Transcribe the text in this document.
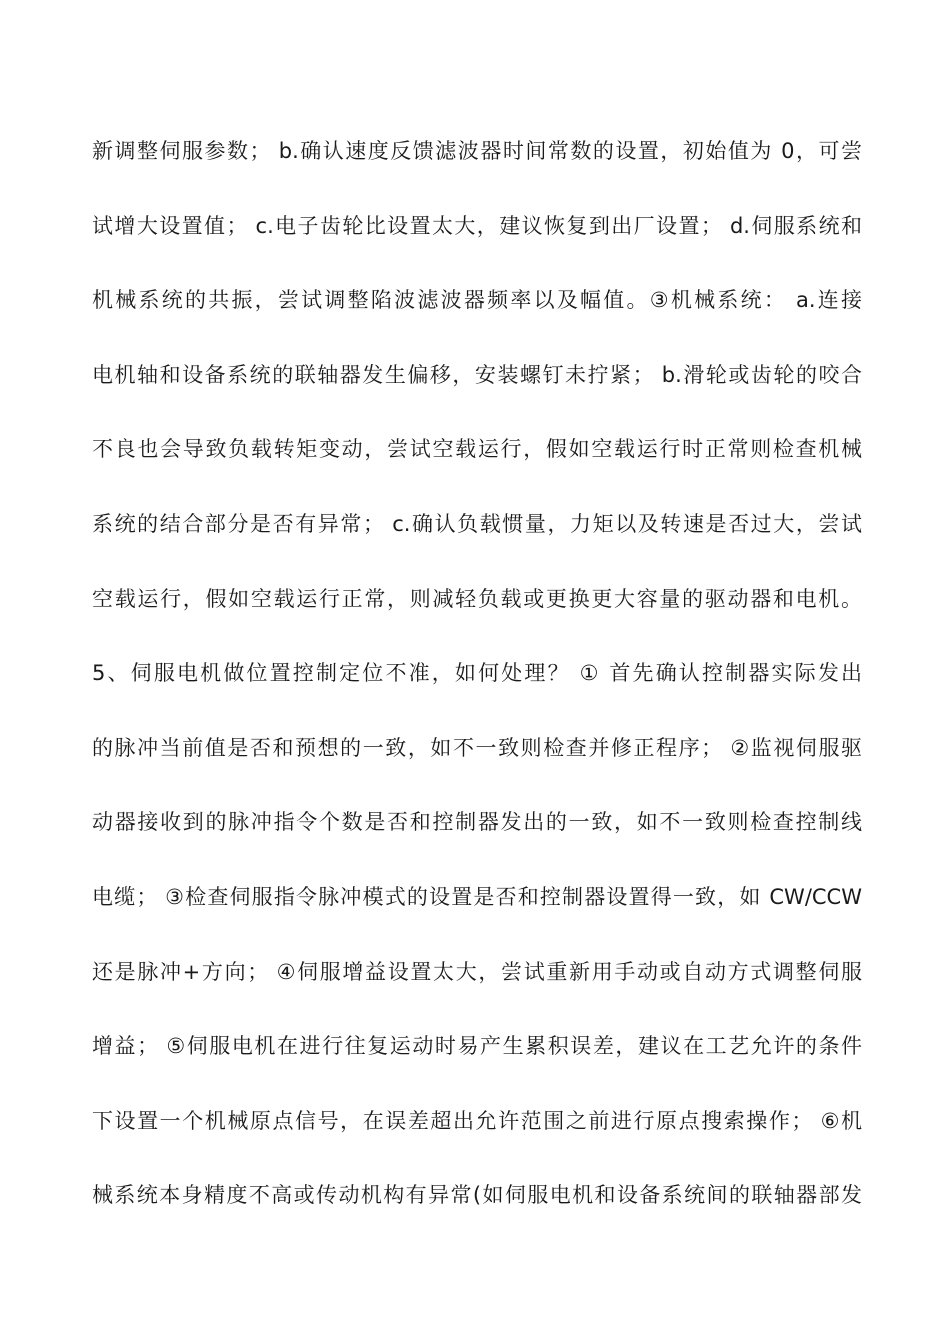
新调整伺服参数； b.确认速度反馈滤波器时间常数的设置，初始值为 0，可尝
试增大设置值； c.电子齿轮比设置太大，建议恢复到出厂设置； d.伺服系统和
机械系统的共振，尝试调整陷波滤波器频率以及幅值。③机械系统： a.连接
电机轴和设备系统的联轴器发生偏移，安装螺钉未拧紧； b.滑轮或齿轮的咬合
不良也会导致负载转矩变动，尝试空载运行，假如空载运行时正常则检查机械
系统的结合部分是否有异常； c.确认负载惯量，力矩以及转速是否过大，尝试
空载运行，假如空载运行正常，则减轻负载或更换更大容量的驱动器和电机。
5、伺服电机做位置控制定位不准，如何处理？ ① 首先确认控制器实际发出
的脉冲当前值是否和预想的一致，如不一致则检查并修正程序； ②监视伺服驱
动器接收到的脉冲指令个数是否和控制器发出的一致，如不一致则检查控制线
电缆； ③检查伺服指令脉冲模式的设置是否和控制器设置得一致，如 CW/CCW
还是脉冲+方向； ④伺服增益设置太大，尝试重新用手动或自动方式调整伺服
增益； ⑤伺服电机在进行往复运动时易产生累积误差，建议在工艺允许的条件
下设置一个机械原点信号，在误差超出允许范围之前进行原点搜索操作； ⑥机
械系统本身精度不高或传动机构有异常(如伺服电机和设备系统间的联轴器部发
